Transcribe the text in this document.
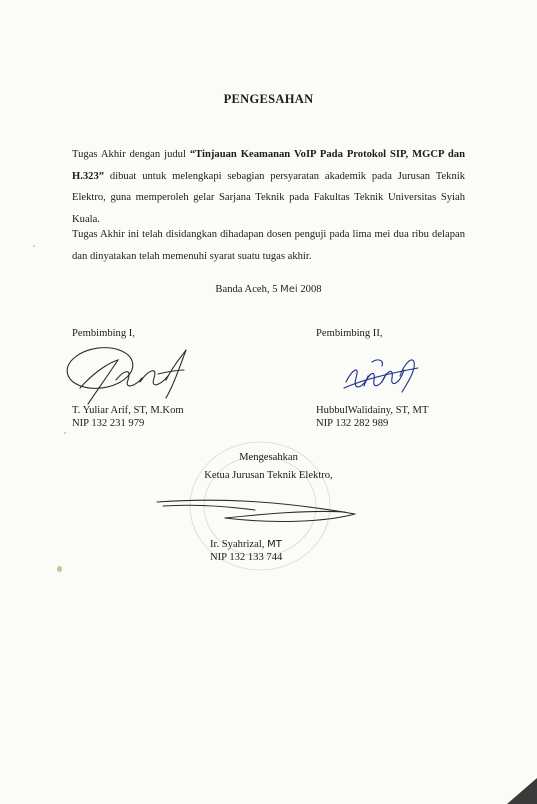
PENGESAHAN
Tugas Akhir dengan judul “Tinjauan Keamanan VoIP Pada Protokol SIP, MGCP dan H.323” dibuat untuk melengkapi sebagian persyaratan akademik pada Jurusan Teknik Elektro, guna memperoleh gelar Sarjana Teknik pada Fakultas Teknik Universitas Syiah Kuala.
Tugas Akhir ini telah disidangkan dihadapan dosen penguji pada lima mei dua ribu delapan dan dinyatakan telah memenuhi syarat suatu tugas akhir.
Banda Aceh, 5 Mei 2008
Pembimbing I,	Pembimbing II,
T. Yuliar Arif, ST, M.Kom
NIP 132 231 979
HubbulWalidainy, ST, MT
NIP 132 282 989
Mengesahkan
Ketua Jurusan Teknik Elektro,
Ir. Syahrizal, MT
NIP 132 133 744
